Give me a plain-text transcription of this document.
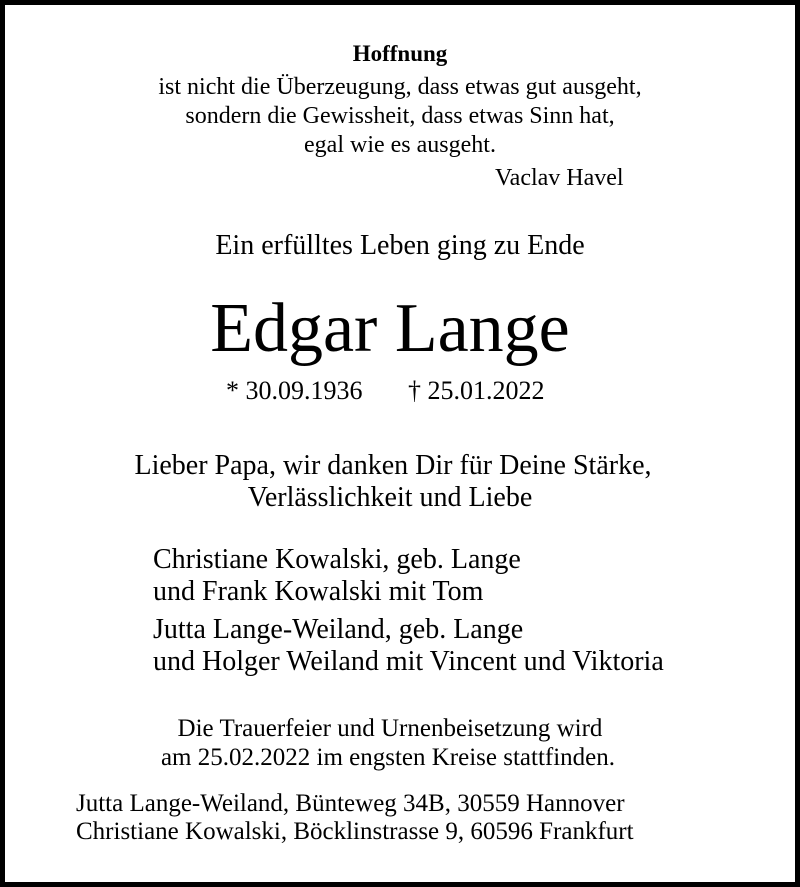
Hoffnung
ist nicht die Überzeugung, dass etwas gut ausgeht,
sondern die Gewissheit, dass etwas Sinn hat,
egal wie es ausgeht.
Vaclav Havel
Ein erfülltes Leben ging zu Ende
Edgar Lange
* 30.09.1936 † 25.01.2022
Lieber Papa, wir danken Dir für Deine Stärke,
Verlässlichkeit und Liebe
Christiane Kowalski, geb. Lange
und Frank Kowalski mit Tom
Jutta Lange-Weiland, geb. Lange
und Holger Weiland mit Vincent und Viktoria
Die Trauerfeier und Urnenbeisetzung wird
am 25.02.2022 im engsten Kreise stattfinden.
Jutta Lange-Weiland, Bünteweg 34B, 30559 Hannover
Christiane Kowalski, Böcklinstrasse 9, 60596 Frankfurt
